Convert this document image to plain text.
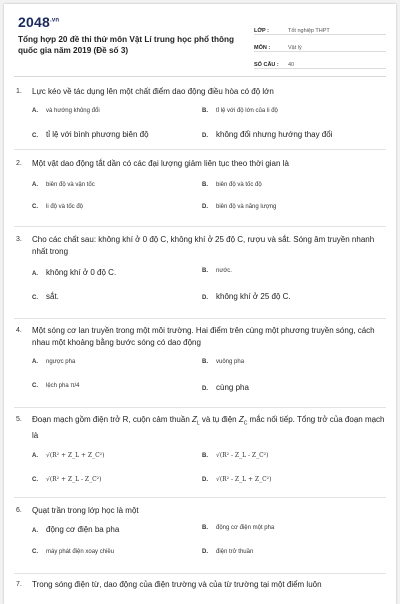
$2048^{.vn}$
Tổng hợp 20 đề thi thử môn Vật Lí trung học phổ thông quốc gia năm 2019 (Đề số 3)
LỚP :	Tốt nghiệp THPT
MÔN :	Vật lý
SỐ CÂU :	40
1.	Lực kéo về tác dụng lên một chất điểm dao động điều hòa có độ lớn
A.	và hướng không đổi	B.	tỉ lệ với độ lớn của li độ
C.	tỉ lệ với bình phương biên độ	D.	không đổi nhưng hướng thay đổi
2.	Một vật dao động tắt dần có các đại lượng giảm liên tục theo thời gian là
A.	biên độ và vận tốc	B.	biên độ và tốc độ
C.	li độ và tốc độ	D.	biên độ và năng lượng
3.	Cho các chất sau: không khí ở 0 độ C, không khí ở 25 độ C, rượu và sắt. Sóng âm truyền nhanh nhất trong
A.	không khí ở 0 độ C.	B.	nước.
C.	sắt.	D.	không khí ở 25 độ C.
4.	Một sóng cơ lan truyền trong một môi trường. Hai điểm trên cùng một phương truyền sóng, cách nhau một khoảng bằng bước sóng có dao động
A.	ngược pha	B.	vuông pha
C.	lệch pha π/4	D.	cùng pha
5.	Đoạn mạch gồm điện trở R, cuộn cảm thuần $Z_L$ và tụ điện $Z_C$ mắc nối tiếp. Tổng trở của đoạn mạch là
A.	√(R² + Z_L + Z_C²)	B.	√(R² - Z_L - Z_C²)
C.	√(R² + Z_L - Z_C²)	D.	√(R² - Z_L + Z_C²)
6.	Quạt trần trong lớp học là một
A.	động cơ điện ba pha	B.	động cơ điện một pha
C.	máy phát điện xoay chiều	D.	điện trở thuần
7.	Trong sóng điện từ, dao động của điện trường và của từ trường tại một điểm luôn
